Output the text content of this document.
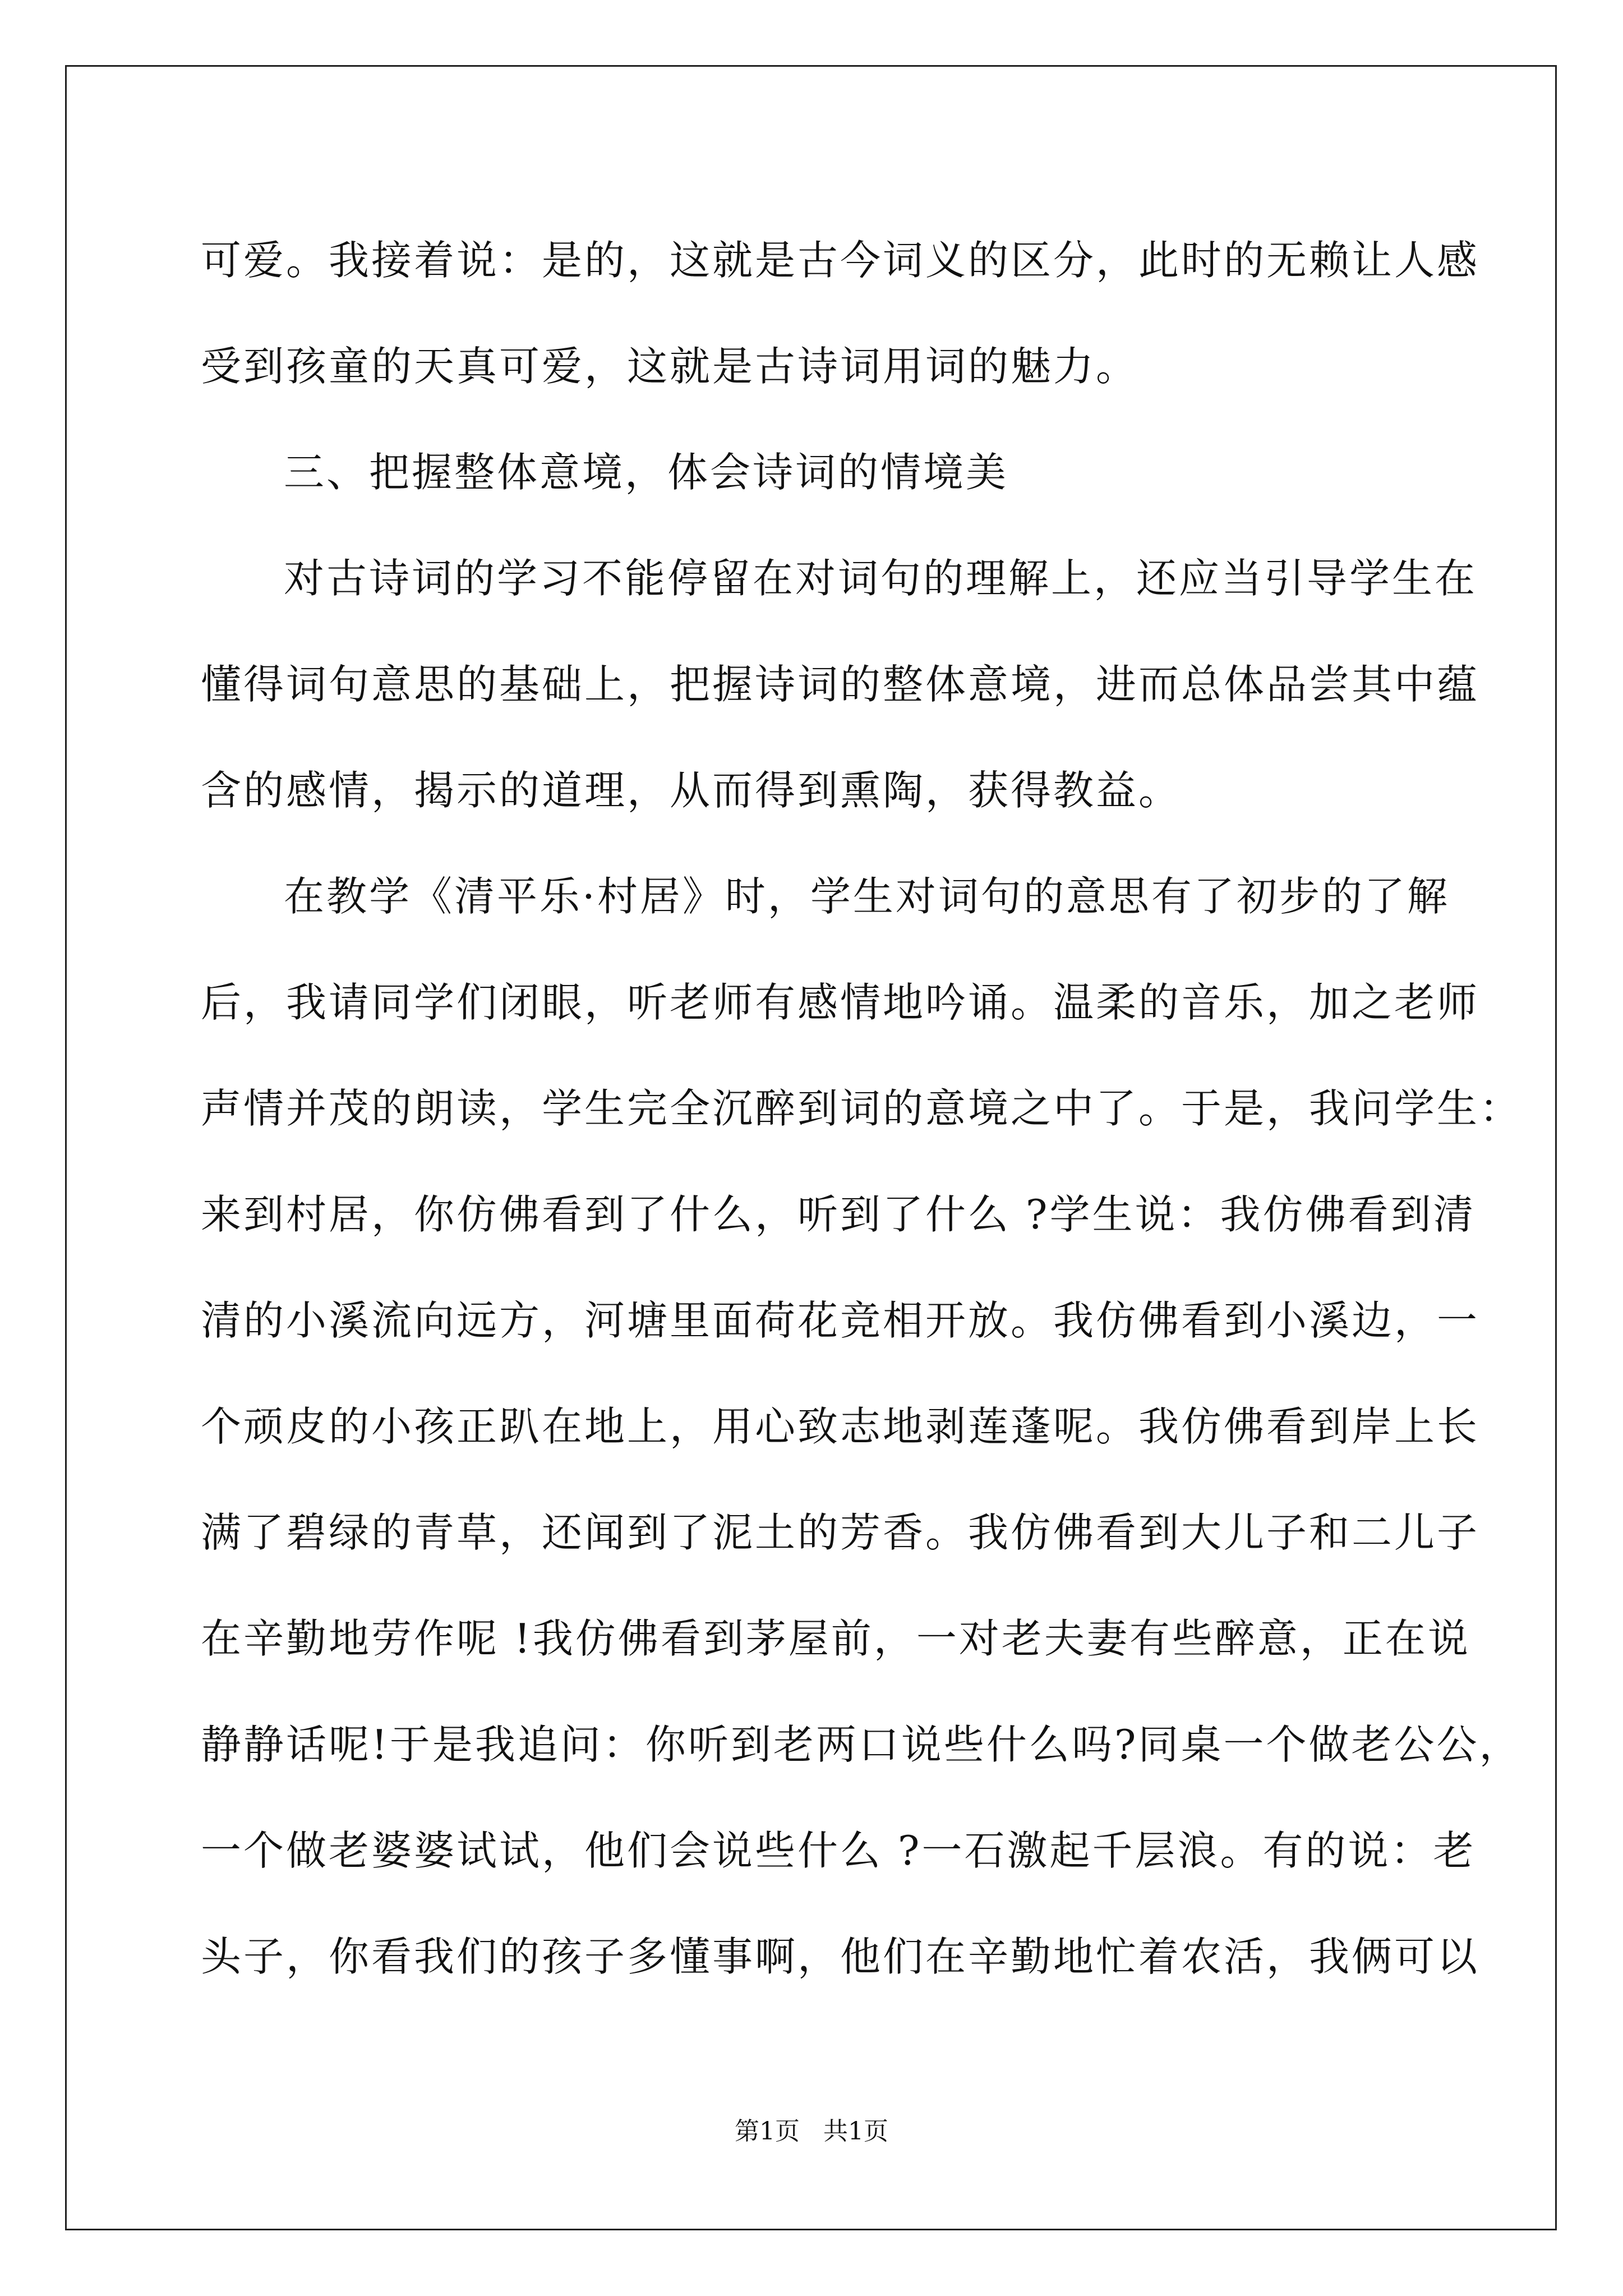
可爱。我接着说：是的，这就是古今词义的区分，此时的无赖让人感
受到孩童的天真可爱，这就是古诗词用词的魅力。
三、把握整体意境，体会诗词的情境美
对古诗词的学习不能停留在对词句的理解上，还应当引导学生在
懂得词句意思的基础上，把握诗词的整体意境，进而总体品尝其中蕴
含的感情，揭示的道理，从而得到熏陶，获得教益。
在教学《清平乐·村居》时，学生对词句的意思有了初步的了解
后，我请同学们闭眼，听老师有感情地吟诵。温柔的音乐，加之老师
声情并茂的朗读，学生完全沉醉到词的意境之中了。于是，我问学生：
来到村居，你仿佛看到了什么，听到了什么 ?学生说：我仿佛看到清
清的小溪流向远方，河塘里面荷花竞相开放。我仿佛看到小溪边，一
个顽皮的小孩正趴在地上，用心致志地剥莲蓬呢。我仿佛看到岸上长
满了碧绿的青草，还闻到了泥土的芳香。我仿佛看到大儿子和二儿子
在辛勤地劳作呢 !我仿佛看到茅屋前，一对老夫妻有些醉意，正在说
静静话呢!于是我追问：你听到老两口说些什么吗?同桌一个做老公公，
一个做老婆婆试试，他们会说些什么 ?一石激起千层浪。有的说：老
头子，你看我们的孩子多懂事啊，他们在辛勤地忙着农活，我俩可以
第1页   共1页
